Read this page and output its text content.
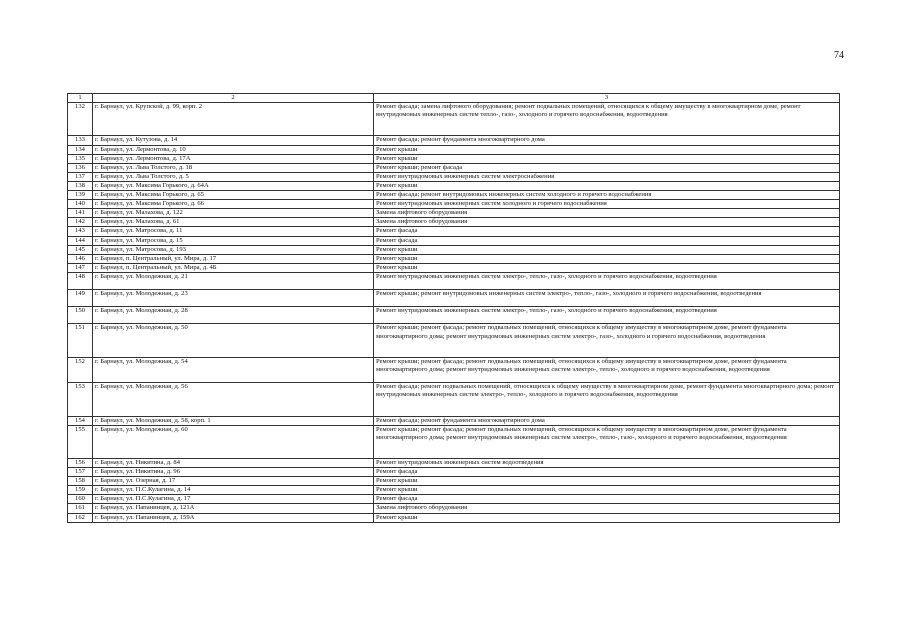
74
1	2	3
132	г. Барнаул, ул. Крупской, д. 99, корп. 2	Ремонт фасада; замена лифтового оборудования; ремонт подвальных помещений, относящихся к общему имуществу в многоквартирном доме, ремонт внутридомовых инженерных систем тепло-, газо-, холодного и горячего водоснабжения, водоотведения
133	г. Барнаул, ул. Кутузова, д. 14	Ремонт фасада; ремонт фундамента многоквартирного дома
134	г. Барнаул, ул. Лермонтова, д. 10	Ремонт крыши
135	г. Барнаул, ул. Лермонтова, д. 17А	Ремонт крыши
136	г. Барнаул, ул. Льва Толстого, д. 18	Ремонт крыши; ремонт фасада
137	г. Барнаул, ул. Льва Толстого, д. 5	Ремонт внутридомовых инженерных систем электроснабжения
138	г. Барнаул, ул. Максима Горького, д. 64А	Ремонт крыши
139	г. Барнаул, ул. Максима Горького, д. 65	Ремонт фасада; ремонт внутридомовых инженерных систем холодного и горячего водоснабжения
140	г. Барнаул, ул. Максима Горького, д. 66	Ремонт внутридомовых инженерных систем холодного и горячего водоснабжения
141	г. Барнаул, ул. Малахова, д. 122	Замена лифтового оборудования
142	г. Барнаул, ул. Малахова, д. 61	Замена лифтового оборудования
143	г. Барнаул, ул. Матросова, д. 11	Ремонт фасада
144	г. Барнаул, ул. Матросова, д. 15	Ремонт фасада
145	г. Барнаул, ул. Матросова, д. 193	Ремонт крыши
146	г. Барнаул, п. Центральный, ул. Мира, д. 17	Ремонт крыши
147	г. Барнаул, п. Центральный, ул. Мира, д. 4Б	Ремонт крыши
148	г. Барнаул, ул. Молодежная, д. 21	Ремонт внутридомовых инженерных систем электро-, тепло-, газо-, холодного и горячего водоснабжения, водоотведения
149	г. Барнаул, ул. Молодежная, д. 23	Ремонт крыши; ремонт внутридомовых инженерных систем электро-, тепло-, газо-, холодного и горячего водоснабжения, водоотведения
150	г. Барнаул, ул. Молодежная, д. 28	Ремонт внутридомовых инженерных систем электро-, тепло-, газо-, холодного и горячего водоснабжения, водоотведения
151	г. Барнаул, ул. Молодежная, д. 50	Ремонт крыши; ремонт фасада; ремонт подвальных помещений, относящихся к общему имуществу в многоквартирном доме, ремонт фундамента многоквартирного дома; ремонт внутридомовых инженерных систем электро-, газо-, холодного и горячего водоснабжения, водоотведения
152	г. Барнаул, ул. Молодежная, д. 54	Ремонт крыши; ремонт фасада; ремонт подвальных помещений, относящихся к общему имуществу в многоквартирном доме, ремонт фундамента многоквартирного дома; ремонт внутридомовых инженерных систем электро-, тепло-, холодного и горячего водоснабжения, водоотведения
153	г. Барнаул, ул. Молодежная, д. 56	Ремонт фасада; ремонт подвальных помещений, относящихся к общему имуществу в многоквартирном доме, ремонт фундамента многоквартирного дома; ремонт внутридомовых инженерных систем электро-, тепло-, холодного и горячего водоснабжения, водоотведения
154	г. Барнаул, ул. Молодежная, д. 58, корп. 1	Ремонт фасада; ремонт фундамента многоквартирного дома
155	г. Барнаул, ул. Молодежная, д. 60	Ремонт крыши; ремонт фасада; ремонт подвальных помещений, относящихся к общему имуществу в многоквартирном доме, ремонт фундамента многоквартирного дома; ремонт внутридомовых инженерных систем электро-, тепло-, газо-, холодного и горячего водоснабжения, водоотведения
156	г. Барнаул, ул. Никитина, д. 84	Ремонт внутридомовых инженерных систем водоотведения
157	г. Барнаул, ул. Никитина, д. 96	Ремонт фасада
158	г. Барнаул, ул. Озерная, д. 17	Ремонт крыши
159	г. Барнаул, ул. П.С.Кулагина, д. 14	Ремонт крыши
160	г. Барнаул, ул. П.С.Кулагина, д. 17	Ремонт фасада
161	г. Барнаул, ул. Папанинцев, д. 121А	Замена лифтового оборудования
162	г. Барнаул, ул. Папанинцев, д. 159А	Ремонт крыши
